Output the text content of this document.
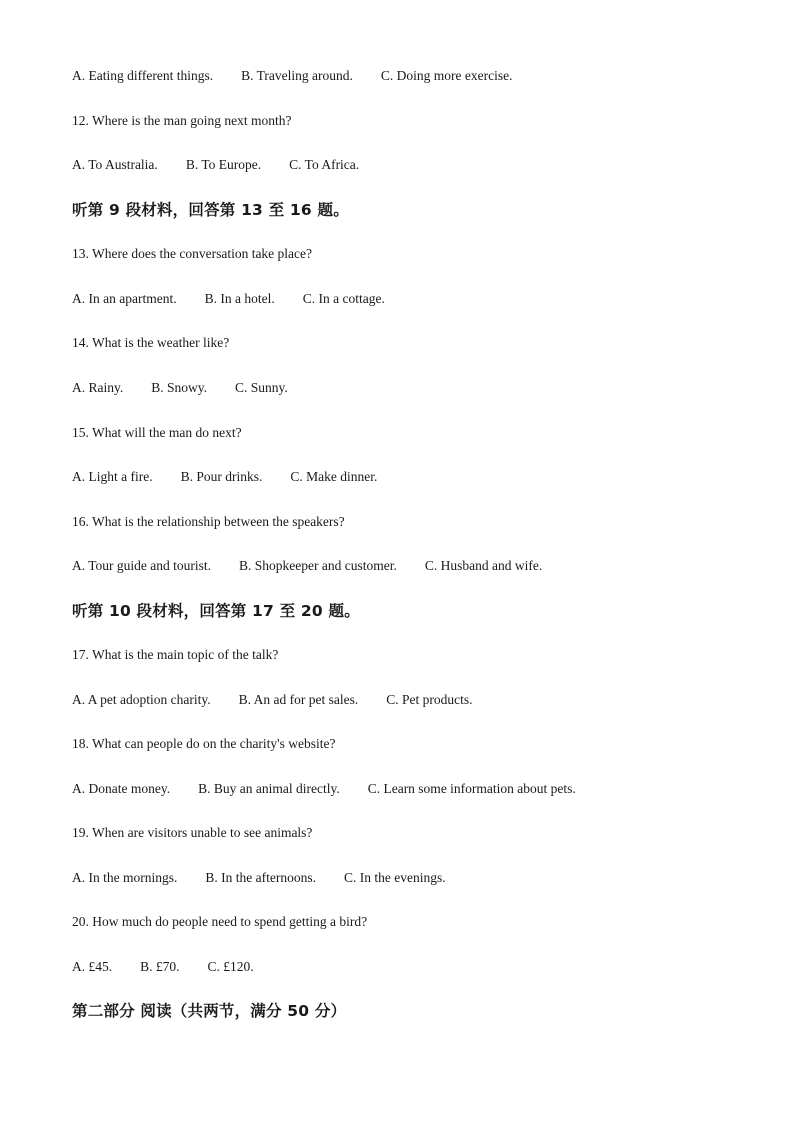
A. Eating different things. B. Traveling around. C. Doing more exercise.
12. Where is the man going next month?
A. To Australia. B. To Europe. C. To Africa.
听第 9 段材料，回答第 13 至 16 题。
13. Where does the conversation take place?
A. In an apartment. B. In a hotel. C. In a cottage.
14. What is the weather like?
A. Rainy. B. Snowy. C. Sunny.
15. What will the man do next?
A. Light a fire. B. Pour drinks. C. Make dinner.
16. What is the relationship between the speakers?
A. Tour guide and tourist. B. Shopkeeper and customer. C. Husband and wife.
听第 10 段材料，回答第 17 至 20 题。
17. What is the main topic of the talk?
A. A pet adoption charity. B. An ad for pet sales. C. Pet products.
18. What can people do on the charity's website?
A. Donate money. B. Buy an animal directly. C. Learn some information about pets.
19. When are visitors unable to see animals?
A. In the mornings. B. In the afternoons. C. In the evenings.
20. How much do people need to spend getting a bird?
A. £45. B. £70. C. £120.
第二部分 阅读（共两节，满分 50 分）
